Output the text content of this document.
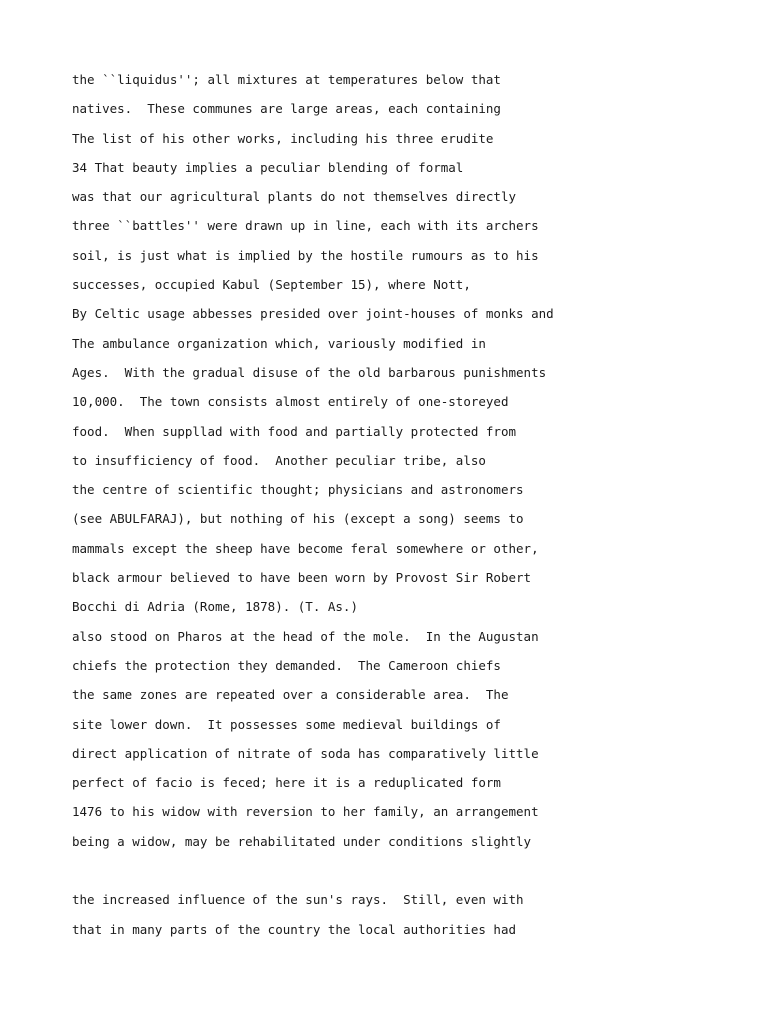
the ``liquidus''; all mixtures at temperatures below that
natives.  These communes are large areas, each containing
The list of his other works, including his three erudite
34 That beauty implies a peculiar blending of formal
was that our agricultural plants do not themselves directly
three ``battles'' were drawn up in line, each with its archers
soil, is just what is implied by the hostile rumours as to his
successes, occupied Kabul (September 15), where Nott,
By Celtic usage abbesses presided over joint-houses of monks and
The ambulance organization which, variously modified in
Ages.  With the gradual disuse of the old barbarous punishments
10,000.  The town consists almost entirely of one-storeyed
food.  When suppllad with food and partially protected from
to insufficiency of food.  Another peculiar tribe, also
the centre of scientific thought; physicians and astronomers
(see ABULFARAJ), but nothing of his (except a song) seems to
mammals except the sheep have become feral somewhere or other,
black armour believed to have been worn by Provost Sir Robert
Bocchi di Adria (Rome, 1878). (T. As.)
also stood on Pharos at the head of the mole.  In the Augustan
chiefs the protection they demanded.  The Cameroon chiefs
the same zones are repeated over a considerable area.  The
site lower down.  It possesses some medieval buildings of
direct application of nitrate of soda has comparatively little
perfect of facio is feced; here it is a reduplicated form
1476 to his widow with reversion to her family, an arrangement
being a widow, may be rehabilitated under conditions slightly
the increased influence of the sun's rays.  Still, even with
that in many parts of the country the local authorities had
